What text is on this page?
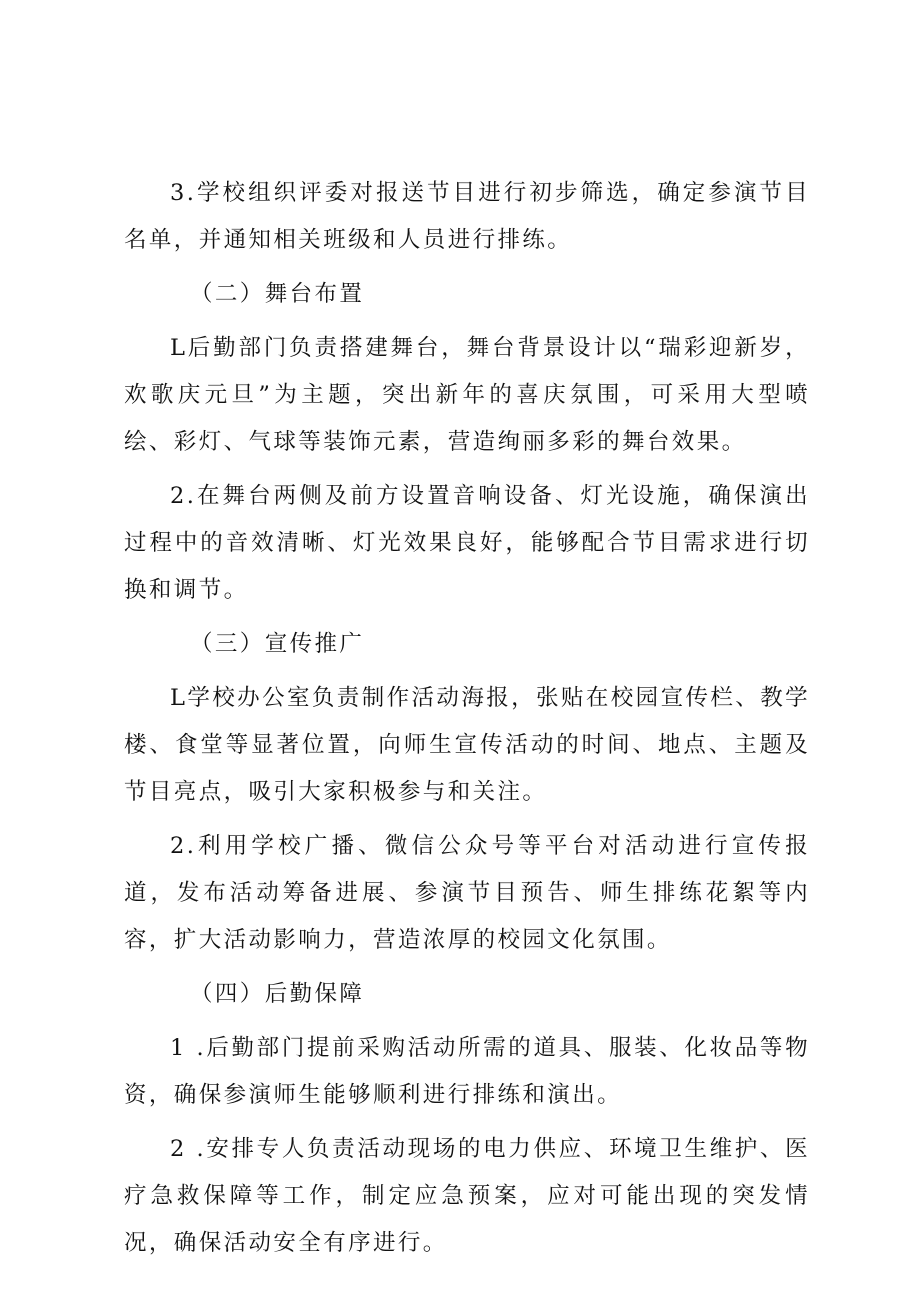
3.学校组织评委对报送节目进行初步筛选，确定参演节目名单，并通知相关班级和人员进行排练。

（二）舞台布置

L后勤部门负责搭建舞台，舞台背景设计以“瑞彩迎新岁，欢歌庆元旦”为主题，突出新年的喜庆氛围，可采用大型喷绘、彩灯、气球等装饰元素，营造绚丽多彩的舞台效果。

2.在舞台两侧及前方设置音响设备、灯光设施，确保演出过程中的音效清晰、灯光效果良好，能够配合节目需求进行切换和调节。

（三）宣传推广

L学校办公室负责制作活动海报，张贴在校园宣传栏、教学楼、食堂等显著位置，向师生宣传活动的时间、地点、主题及节目亮点，吸引大家积极参与和关注。

2.利用学校广播、微信公众号等平台对活动进行宣传报道，发布活动筹备进展、参演节目预告、师生排练花絮等内容，扩大活动影响力，营造浓厚的校园文化氛围。

（四）后勤保障

1 .后勤部门提前采购活动所需的道具、服装、化妆品等物资，确保参演师生能够顺利进行排练和演出。

2 .安排专人负责活动现场的电力供应、环境卫生维护、医疗急救保障等工作，制定应急预案，应对可能出现的突发情况，确保活动安全有序进行。
